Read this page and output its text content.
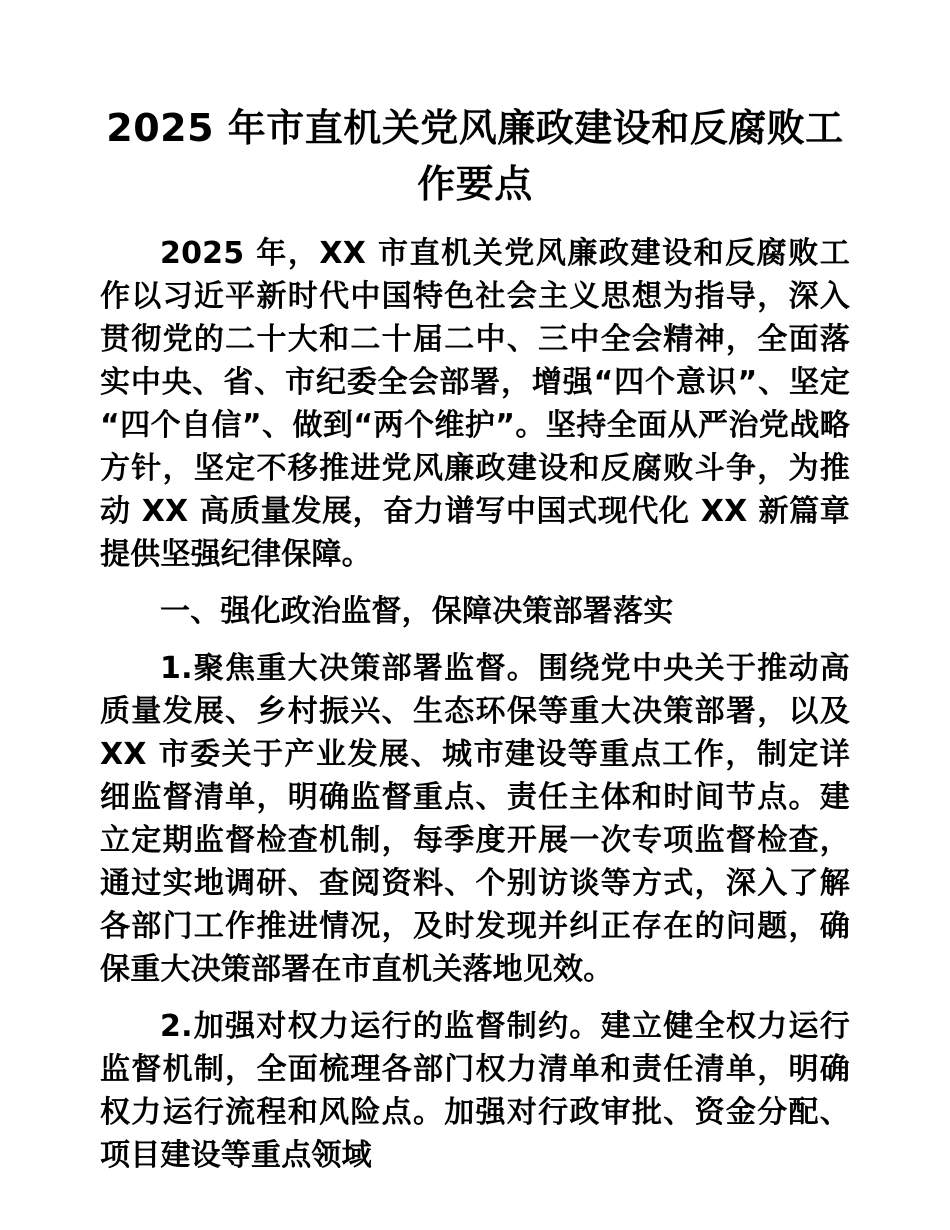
2025 年市直机关党风廉政建设和反腐败工作要点

2025 年，XX 市直机关党风廉政建设和反腐败工作以习近平新时代中国特色社会主义思想为指导，深入贯彻党的二十大和二十届二中、三中全会精神，全面落实中央、省、市纪委全会部署，增强“四个意识”、坚定“四个自信”、做到“两个维护”。坚持全面从严治党战略方针，坚定不移推进党风廉政建设和反腐败斗争，为推动 XX 高质量发展，奋力谱写中国式现代化 XX 新篇章提供坚强纪律保障。

一、强化政治监督，保障决策部署落实

1.聚焦重大决策部署监督。围绕党中央关于推动高质量发展、乡村振兴、生态环保等重大决策部署，以及 XX 市委关于产业发展、城市建设等重点工作，制定详细监督清单，明确监督重点、责任主体和时间节点。建立定期监督检查机制，每季度开展一次专项监督检查，通过实地调研、查阅资料、个别访谈等方式，深入了解各部门工作推进情况，及时发现并纠正存在的问题，确保重大决策部署在市直机关落地见效。

2.加强对权力运行的监督制约。建立健全权力运行监督机制，全面梳理各部门权力清单和责任清单，明确权力运行流程和风险点。加强对行政审批、资金分配、项目建设等重点领域
